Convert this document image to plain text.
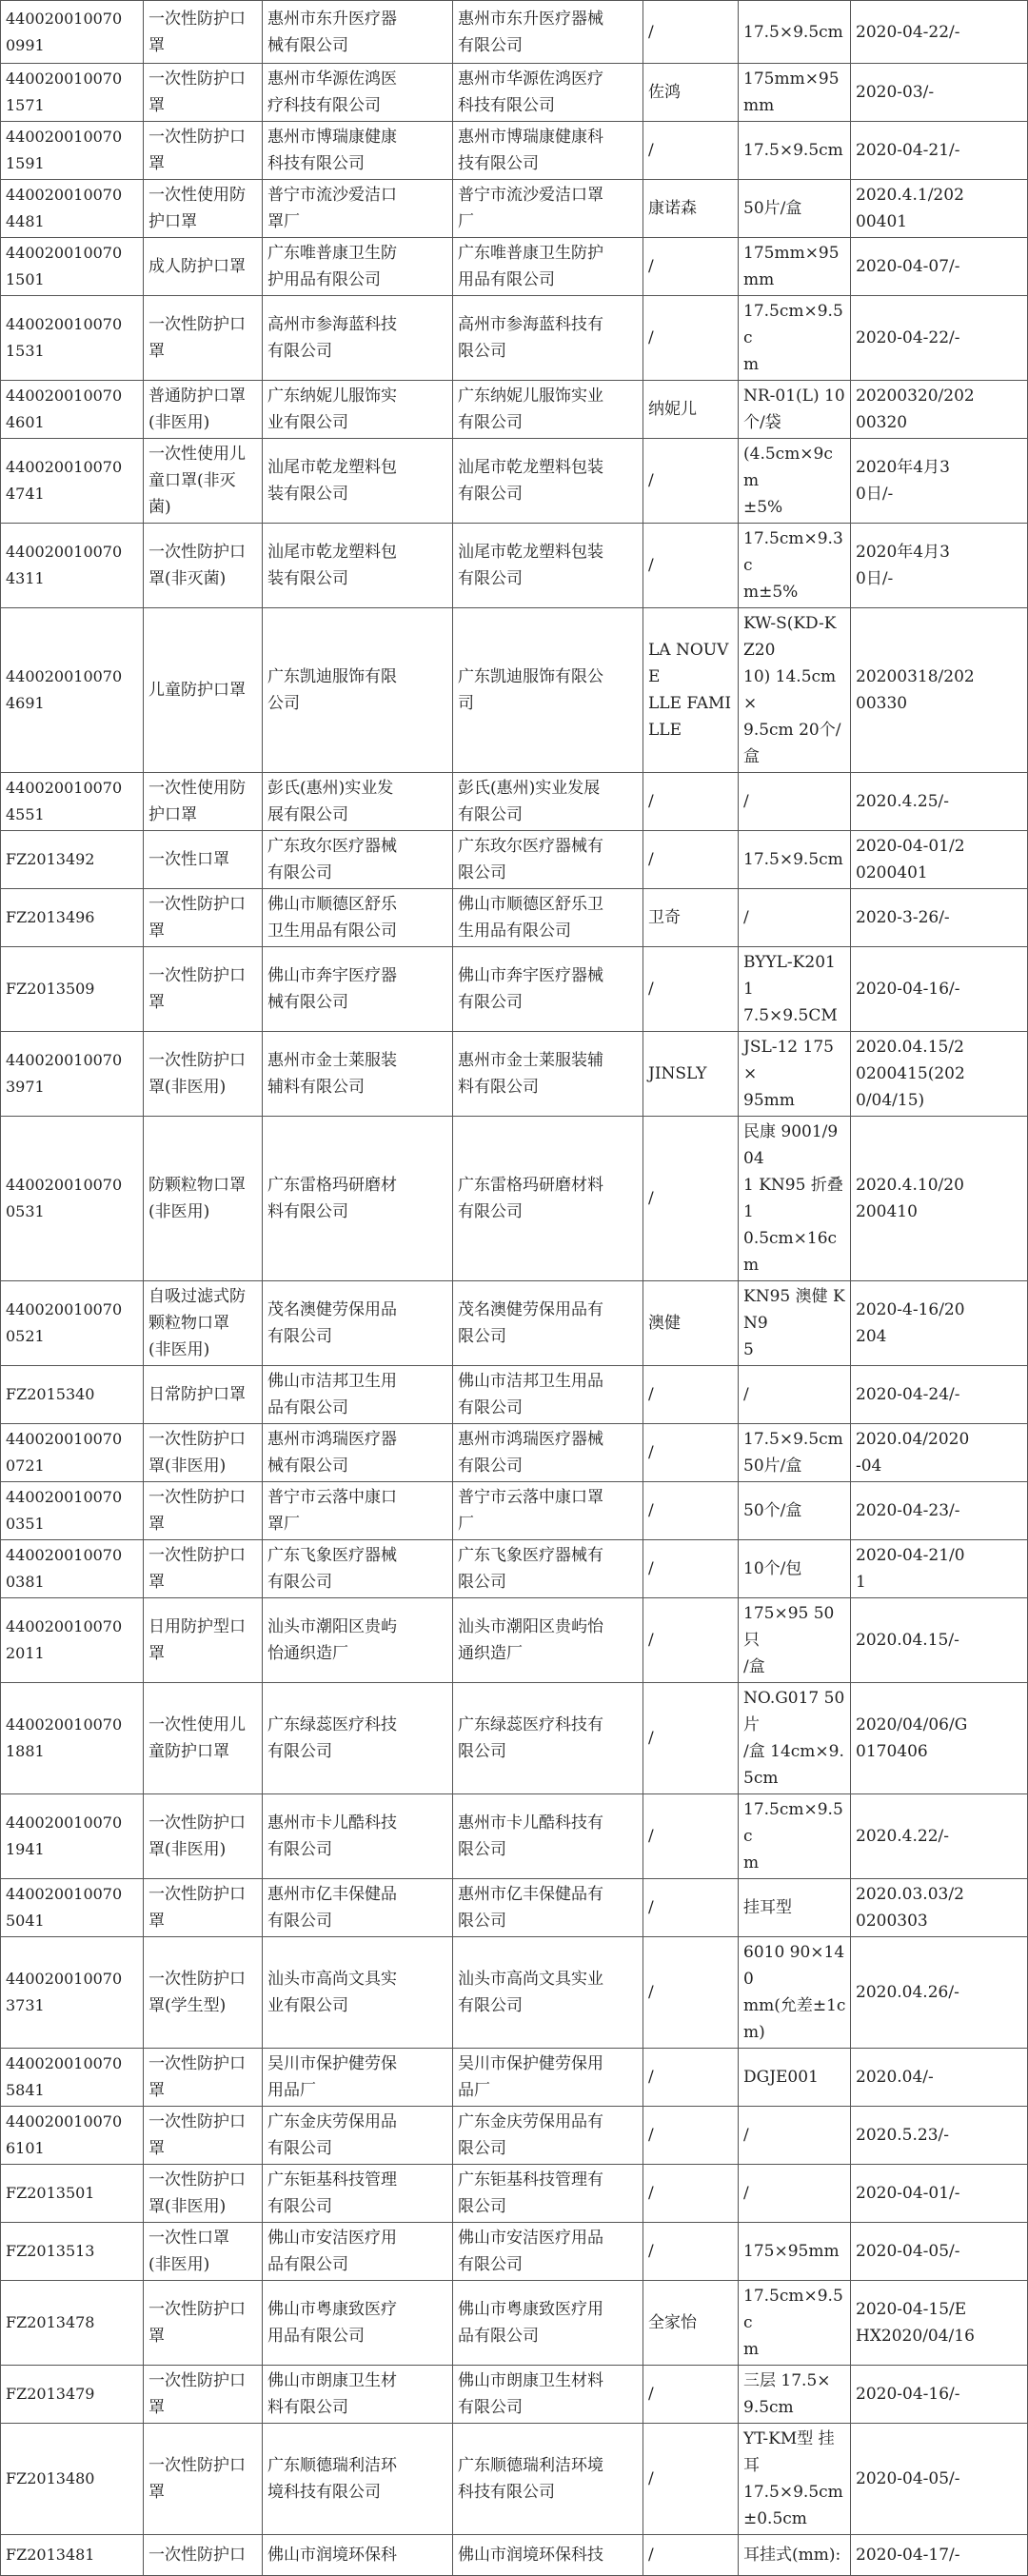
440020010070
0991	一次性防护口
罩	惠州市东升医疗器
械有限公司	惠州市东升医疗器械
有限公司	/	17.5×9.5cm	2020-04-22/-
440020010070
1571	一次性防护口
罩	惠州市华源佐鸿医
疗科技有限公司	惠州市华源佐鸿医疗
科技有限公司	佐鸿	175mm×95mm	2020-03/-
440020010070
1591	一次性防护口
罩	惠州市博瑞康健康
科技有限公司	惠州市博瑞康健康科
技有限公司	/	17.5×9.5cm	2020-04-21/-
440020010070
4481	一次性使用防
护口罩	普宁市流沙爱洁口
罩厂	普宁市流沙爱洁口罩
厂	康诺森	50片/盒	2020.4.1/202
00401
440020010070
1501	成人防护口罩	广东唯普康卫生防
护用品有限公司	广东唯普康卫生防护
用品有限公司	/	175mm×95mm	2020-04-07/-
440020010070
1531	一次性防护口
罩	高州市参海蓝科技
有限公司	高州市参海蓝科技有
限公司	/	17.5cm×9.5c
m	2020-04-22/-
440020010070
4601	普通防护口罩
(非医用)	广东纳妮儿服饰实
业有限公司	广东纳妮儿服饰实业
有限公司	纳妮儿	NR-01(L) 10
个/袋	20200320/202
00320
440020010070
4741	一次性使用儿
童口罩(非灭
菌)	汕尾市乾龙塑料包
装有限公司	汕尾市乾龙塑料包装
有限公司	/	(4.5cm×9cm
±5%	2020年4月3
0日/-
440020010070
4311	一次性防护口
罩(非灭菌)	汕尾市乾龙塑料包
装有限公司	汕尾市乾龙塑料包装
有限公司	/	17.5cm×9.3c
m±5%	2020年4月3
0日/-
440020010070
4691	儿童防护口罩	广东凯迪服饰有限
公司	广东凯迪服饰有限公
司	LA NOUVE
LLE FAMI
LLE	KW-S(KD-KZ20
10) 14.5cm×
9.5cm 20个/
盒	20200318/202
00330
440020010070
4551	一次性使用防
护口罩	彭氏(惠州)实业发
展有限公司	彭氏(惠州)实业发展
有限公司	/	/	2020.4.25/-
FZ2013492	一次性口罩	广东玫尔医疗器械
有限公司	广东玫尔医疗器械有
限公司	/	17.5×9.5cm	2020-04-01/2
0200401
FZ2013496	一次性防护口
罩	佛山市顺德区舒乐
卫生用品有限公司	佛山市顺德区舒乐卫
生用品有限公司	卫奇	/	2020-3-26/-
FZ2013509	一次性防护口
罩	佛山市奔宇医疗器
械有限公司	佛山市奔宇医疗器械
有限公司	/	BYYL-K201 1
7.5×9.5CM	2020-04-16/-
440020010070
3971	一次性防护口
罩(非医用)	惠州市金士莱服装
辅料有限公司	惠州市金士莱服装辅
料有限公司	JINSLY	JSL-12 175×
95mm	2020.04.15/2
0200415(202
0/04/15)
440020010070
0531	防颗粒物口罩
(非医用)	广东雷格玛研磨材
料有限公司	广东雷格玛研磨材料
有限公司	/	民康 9001/904
1 KN95 折叠 1
0.5cm×16cm	2020.4.10/20
200410
440020010070
0521	自吸过滤式防
颗粒物口罩
(非医用)	茂名澳健劳保用品
有限公司	茂名澳健劳保用品有
限公司	澳健	KN95 澳健 KN9
5	2020-4-16/20
204
FZ2015340	日常防护口罩	佛山市洁邦卫生用
品有限公司	佛山市洁邦卫生用品
有限公司	/	/	2020-04-24/-
440020010070
0721	一次性防护口
罩(非医用)	惠州市鸿瑞医疗器
械有限公司	惠州市鸿瑞医疗器械
有限公司	/	17.5×9.5cm
50片/盒	2020.04/2020
-04
440020010070
0351	一次性防护口
罩	普宁市云落中康口
罩厂	普宁市云落中康口罩
厂	/	50个/盒	2020-04-23/-
440020010070
0381	一次性防护口
罩	广东飞象医疗器械
有限公司	广东飞象医疗器械有
限公司	/	10个/包	2020-04-21/0
1
440020010070
2011	日用防护型口
罩	汕头市潮阳区贵屿
怡通织造厂	汕头市潮阳区贵屿怡
通织造厂	/	175×95 50只
/盒	2020.04.15/-
440020010070
1881	一次性使用儿
童防护口罩	广东绿蕊医疗科技
有限公司	广东绿蕊医疗科技有
限公司	/	NO.G017 50片
/盒 14cm×9.
5cm	2020/04/06/G
0170406
440020010070
1941	一次性防护口
罩(非医用)	惠州市卡儿酷科技
有限公司	惠州市卡儿酷科技有
限公司	/	17.5cm×9.5c
m	2020.4.22/-
440020010070
5041	一次性防护口
罩	惠州市亿丰保健品
有限公司	惠州市亿丰保健品有
限公司	/	挂耳型	2020.03.03/2
0200303
440020010070
3731	一次性防护口
罩(学生型)	汕头市高尚文具实
业有限公司	汕头市高尚文具实业
有限公司	/	6010 90×140
mm(允差±1c
m)	2020.04.26/-
440020010070
5841	一次性防护口
罩	吴川市保护健劳保
用品厂	吴川市保护健劳保用
品厂	/	DGJE001	2020.04/-
440020010070
6101	一次性防护口
罩	广东金庆劳保用品
有限公司	广东金庆劳保用品有
限公司	/	/	2020.5.23/-
FZ2013501	一次性防护口
罩(非医用)	广东钜基科技管理
有限公司	广东钜基科技管理有
限公司	/	/	2020-04-01/-
FZ2013513	一次性口罩
(非医用)	佛山市安洁医疗用
品有限公司	佛山市安洁医疗用品
有限公司	/	175×95mm	2020-04-05/-
FZ2013478	一次性防护口
罩	佛山市粤康致医疗
用品有限公司	佛山市粤康致医疗用
品有限公司	全家怡	17.5cm×9.5c
m	2020-04-15/E
HX2020/04/16
FZ2013479	一次性防护口
罩	佛山市朗康卫生材
料有限公司	佛山市朗康卫生材料
有限公司	/	三层 17.5×
9.5cm	2020-04-16/-
FZ2013480	一次性防护口
罩	广东顺德瑞利洁环
境科技有限公司	广东顺德瑞利洁环境
科技有限公司	/	YT-KM型 挂耳
17.5×9.5cm
±0.5cm	2020-04-05/-
FZ2013481	一次性防护口	佛山市润境环保科	佛山市润境环保科技	/	耳挂式(mm):	2020-04-17/-
